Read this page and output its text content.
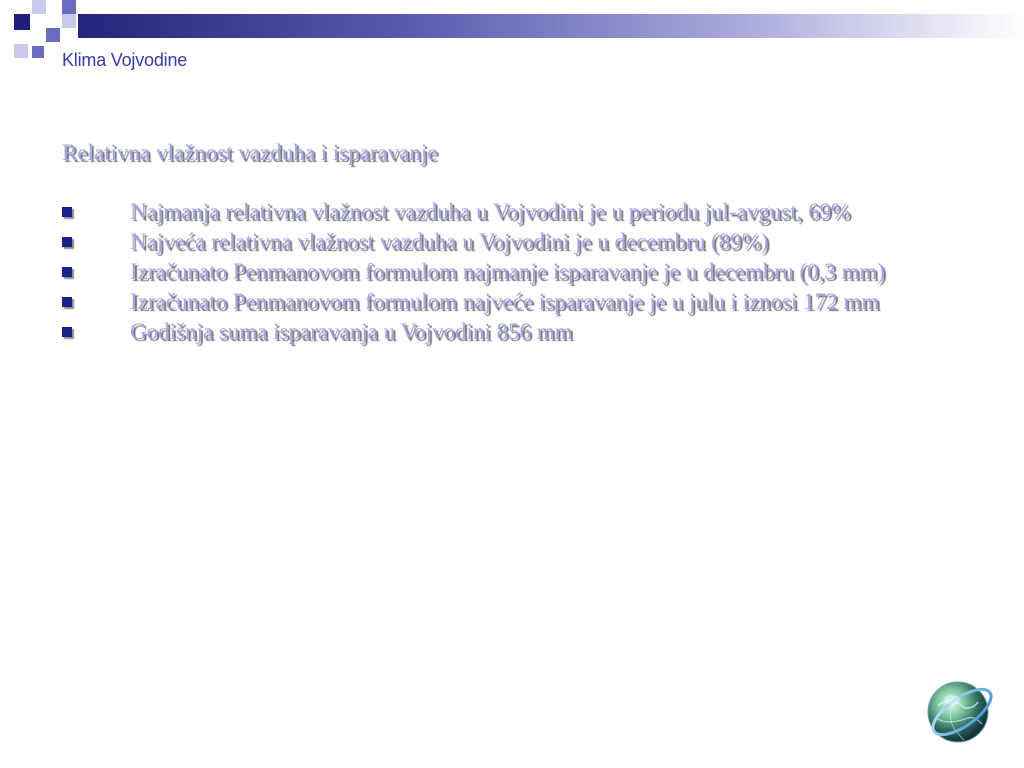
Klima Vojvodine
Relativna vlažnost vazduha i isparavanje
Najmanja relativna vlažnost vazduha u Vojvodini je u periodu jul-avgust, 69%
Najveća relativna vlažnost vazduha u Vojvodini je u decembru (89%)
Izračunato Penmanovom formulom najmanje isparavanje je u decembru (0,3 mm)
Izračunato Penmanovom formulom najveće isparavanje je u julu i iznosi 172 mm
Godišnja suma isparavanja u Vojvodini 856 mm
